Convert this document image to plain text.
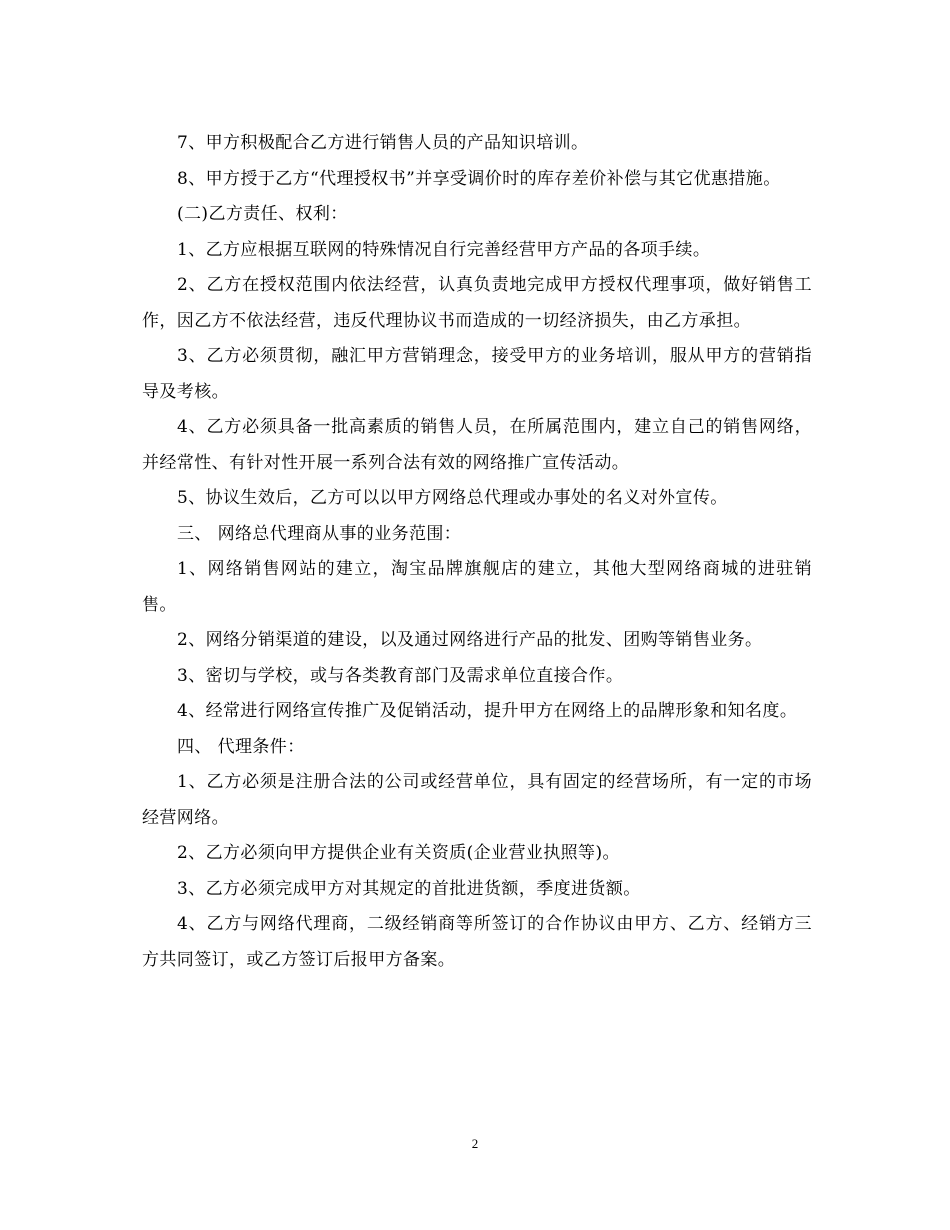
7、甲方积极配合乙方进行销售人员的产品知识培训。

8、甲方授于乙方“代理授权书”并享受调价时的库存差价补偿与其它优惠措施。

(二)乙方责任、权利：

1、乙方应根据互联网的特殊情况自行完善经营甲方产品的各项手续。

2、乙方在授权范围内依法经营，认真负责地完成甲方授权代理事项，做好销售工作，因乙方不依法经营，违反代理协议书而造成的一切经济损失，由乙方承担。

3、乙方必须贯彻，融汇甲方营销理念，接受甲方的业务培训，服从甲方的营销指导及考核。

4、乙方必须具备一批高素质的销售人员，在所属范围内，建立自己的销售网络，并经常性、有针对性开展一系列合法有效的网络推广宣传活动。

5、协议生效后，乙方可以以甲方网络总代理或办事处的名义对外宣传。

三、 网络总代理商从事的业务范围：

1、网络销售网站的建立，淘宝品牌旗舰店的建立，其他大型网络商城的进驻销售。

2、网络分销渠道的建设，以及通过网络进行产品的批发、团购等销售业务。

3、密切与学校，或与各类教育部门及需求单位直接合作。

4、经常进行网络宣传推广及促销活动，提升甲方在网络上的品牌形象和知名度。

四、 代理条件：

1、乙方必须是注册合法的公司或经营单位，具有固定的经营场所，有一定的市场经营网络。

2、乙方必须向甲方提供企业有关资质(企业营业执照等)。

3、乙方必须完成甲方对其规定的首批进货额，季度进货额。

4、乙方与网络代理商，二级经销商等所签订的合作协议由甲方、乙方、经销方三方共同签订，或乙方签订后报甲方备案。

2
